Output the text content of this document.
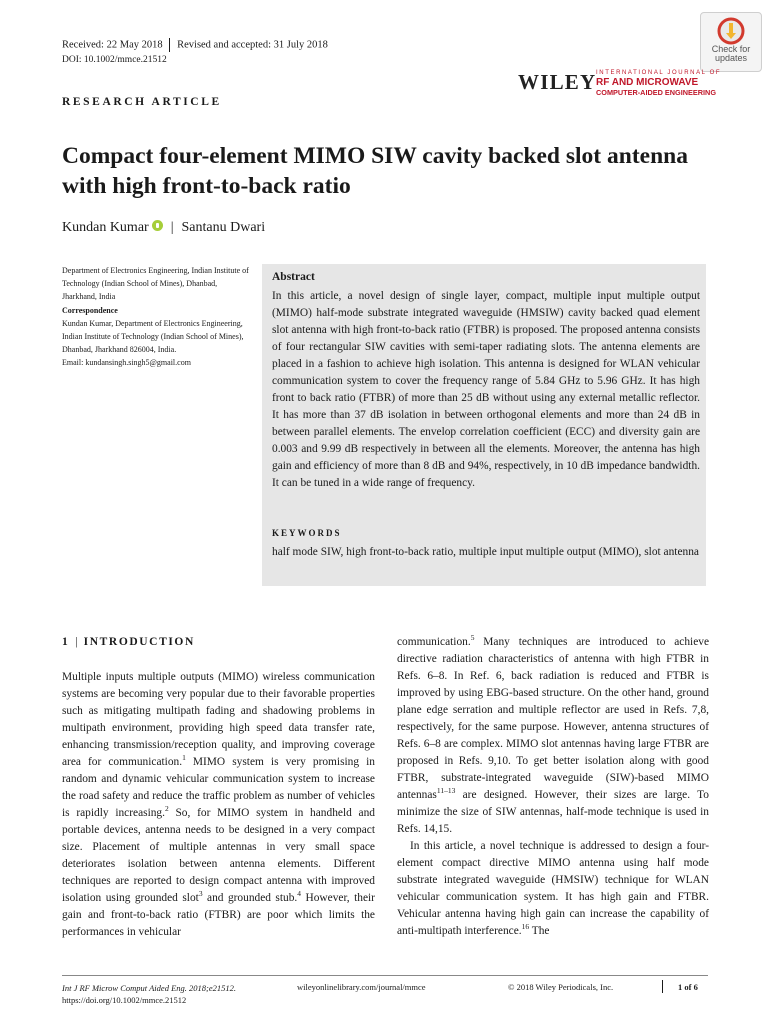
Received: 22 May 2018 Revised and accepted: 31 July 2018
DOI: 10.1002/mmce.21512
Check for
updates
WILEY INTERNATIONAL JOURNAL OF
RF AND MICROWAVE
COMPUTER-AIDED ENGINEERING
RESEARCH ARTICLE
Compact four-element MIMO SIW cavity backed slot antenna with high front-to-back ratio
Kundan Kumar | Santanu Dwari
Department of Electronics Engineering, Indian Institute of Technology (Indian School of Mines), Dhanbad, Jharkhand, India
Correspondence
Kundan Kumar, Department of Electronics Engineering, Indian Institute of Technology (Indian School of Mines), Dhanbad, Jharkhand 826004, India.
Email: kundansingh.singh5@gmail.com
Abstract
In this article, a novel design of single layer, compact, multiple input multiple output (MIMO) half-mode substrate integrated waveguide (HMSIW) cavity backed quad element slot antenna with high front-to-back ratio (FTBR) is proposed. The proposed antenna consists of four rectangular SIW cavities with semi-taper radiating slots. The antenna elements are placed in a fashion to achieve high isolation. This antenna is designed for WLAN vehicular communication system to cover the frequency range of 5.84 GHz to 5.96 GHz. It has high front to back ratio (FTBR) of more than 25 dB without using any external metallic reflector. It has more than 37 dB isolation in between orthogonal elements and more than 24 dB in between parallel elements. The envelop correlation coefficient (ECC) and diversity gain are 0.003 and 9.99 dB respectively in between all the elements. Moreover, the antenna has high gain and efficiency of more than 8 dB and 94%, respectively, in 10 dB impedance bandwidth. It can be tuned in a wide range of frequency.
KEYWORDS
half mode SIW, high front-to-back ratio, multiple input multiple output (MIMO), slot antenna
1 | INTRODUCTION

Multiple inputs multiple outputs (MIMO) wireless communication systems are becoming very popular due to their favorable properties such as mitigating multipath fading and shadowing problems in multipath environment, providing high speed data transfer rate, enhancing transmission/reception quality, and improving coverage area for communication.$^1$ MIMO system is very promising in random and dynamic vehicular communication system to increase the road safety and reduce the traffic problem as number of vehicles is rapidly increasing.$^2$ So, for MIMO system in handheld and portable devices, antenna needs to be designed in a very compact size. Placement of multiple antennas in very small space deteriorates isolation between antenna elements. Different techniques are reported to design compact antenna with improved isolation using grounded slot$^3$ and grounded stub.$^4$ However, their gain and front-to-back ratio (FTBR) are poor which limits the performances in vehicular

communication.$^5$ Many techniques are introduced to achieve directive radiation characteristics of antenna with high FTBR in Refs. 6–8. In Ref. 6, back radiation is reduced and FTBR is improved by using EBG-based structure. On the other hand, ground plane edge serration and multiple reflector are used in Refs. 7,8, respectively, for the same purpose. However, antenna structures of Refs. 6–8 are complex. MIMO slot antennas having large FTBR are proposed in Refs. 9,10. To get better isolation along with good FTBR, substrate-integrated waveguide (SIW)-based MIMO antennas$^{11-13}$ are designed. However, their sizes are large. To minimize the size of SIW antennas, half-mode technique is used in Refs. 14,15.

In this article, a novel technique is addressed to design a four-element compact directive MIMO antenna using half mode substrate integrated waveguide (HMSIW) technique for WLAN vehicular communication system. It has high gain and FTBR. Vehicular antenna having high gain can increase the capability of anti-multipath interference.$^{16}$ The

Int J RF Microw Comput Aided Eng. 2018;e21512.
https://doi.org/10.1002/mmce.21512
wileyonlinelibrary.com/journal/mmce	© 2018 Wiley Periodicals, Inc.	1 of 6
